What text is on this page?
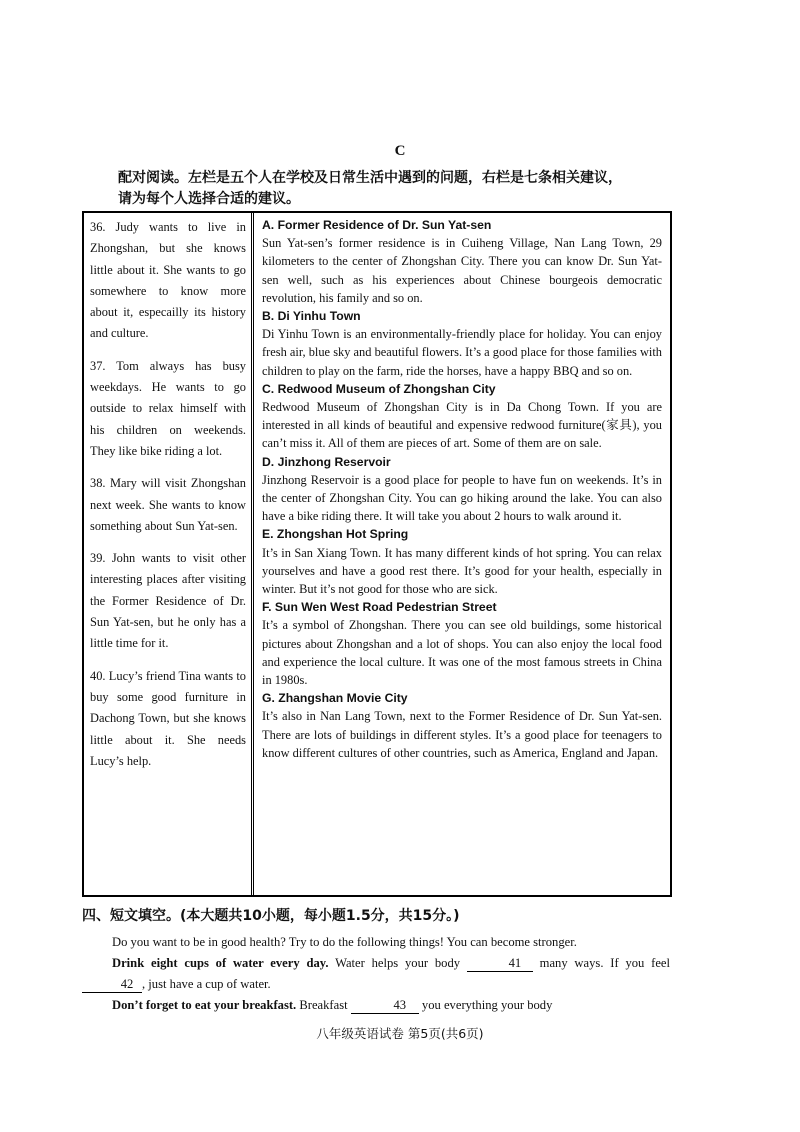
C

配对阅读。左栏是五个人在学校及日常生活中遇到的问题，右栏是七条相关建议，

请为每个人选择合适的建议。

36. Judy wants to live in Zhongshan, but she knows little about it. She wants to go somewhere to know more about it, especailly its history and culture.

37. Tom always has busy weekdays. He wants to go outside to relax himself with his children on weekends. They like bike riding a lot.

38. Mary will visit Zhongshan next week. She wants to know something about Sun Yat-sen.

39. John wants to visit other interesting places after visiting the Former Residence of Dr. Sun Yat-sen, but he only has a little time for it.

40. Lucy’s friend Tina wants to buy some good furniture in Dachong Town, but she knows little about it. She needs Lucy’s help.

A. Former Residence of Dr. Sun Yat-sen

Sun Yat-sen’s former residence is in Cuiheng Village, Nan Lang Town, 29 kilometers to the center of Zhongshan City. There you can know Dr. Sun Yat-sen well, such as his experiences about Chinese bourgeois democratic revolution, his family and so on.

B. Di Yinhu Town

Di Yinhu Town is an environmentally-friendly place for holiday. You can enjoy fresh air, blue sky and beautiful flowers. It’s a good place for those families with children to play on the farm, ride the horses, have a happy BBQ and so on.

C. Redwood Museum of Zhongshan City

Redwood Museum of Zhongshan City is in Da Chong Town. If you are interested in all kinds of beautiful and expensive redwood furniture(家具), you can’t miss it. All of them are pieces of art. Some of them are on sale.

D. Jinzhong Reservoir

Jinzhong Reservoir is a good place for people to have fun on weekends. It’s in the center of Zhongshan City. You can go hiking around the lake. You can also have a bike riding there. It will take you about 2 hours to walk around it.

E. Zhongshan Hot Spring

It’s in San Xiang Town. It has many different kinds of hot spring. You can relax yourselves and have a good rest there. It’s good for your health, especially in winter. But it’s not good for those who are sick.

F. Sun Wen West Road Pedestrian Street

It’s a symbol of Zhongshan. There you can see old buildings, some historical pictures about Zhongshan and a lot of shops. You can also enjoy the local food and experience the local culture. It was one of the most famous streets in China in 1980s.

G. Zhangshan Movie City

It’s also in Nan Lang Town, next to the Former Residence of Dr. Sun Yat-sen. There are lots of buildings in different styles. It’s a good place for teenagers to know different cultures of other countries, such as America, England and Japan.

四、短文填空。(本大题共10小题，每小题1.5分，共15分。)

Do you want to be in good health? Try to do the following things! You can become stronger.

Drink eight cups of water every day. Water helps your body	41 many ways. If you feel 42 , just have a cup of water.

Don’t forget to eat your breakfast. Breakfast	43 you everything your body

八年级英语试卷 第5页(共6页)
